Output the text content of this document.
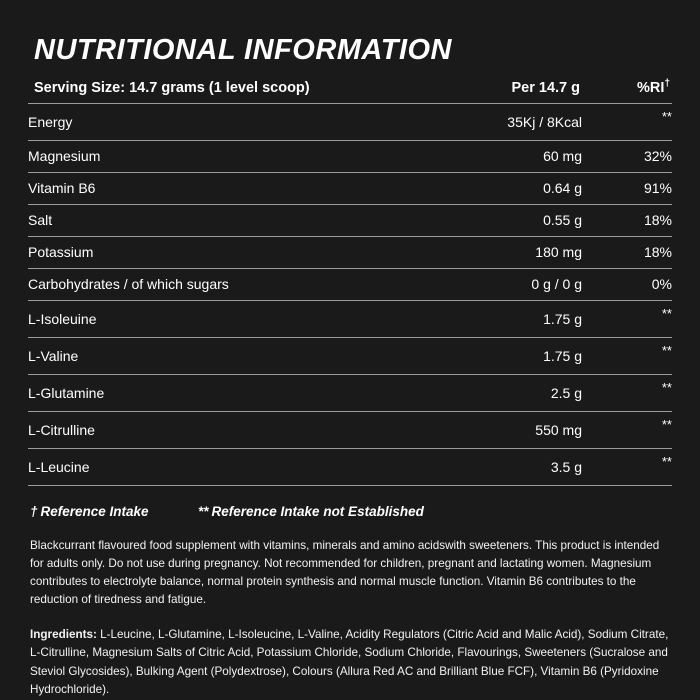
NUTRITIONAL INFORMATION
Serving Size: 14.7 grams (1 level scoop)	Per 14.7 g	%RI†
Energy	35Kj / 8Kcal	**
Magnesium	60 mg	32%
Vitamin B6	0.64 g	91%
Salt	0.55 g	18%
Potassium	180 mg	18%
Carbohydrates / of which sugars	0 g / 0 g	0%
L-Isoleuine	1.75 g	**
L-Valine	1.75 g	**
L-Glutamine	2.5 g	**
L-Citrulline	550 mg	**
L-Leucine	3.5 g	**
† Reference Intake	** Reference Intake not Established
Blackcurrant flavoured food supplement with vitamins, minerals and amino acidswith sweeteners. This product is intended for adults only. Do not use during pregnancy. Not recommended for children, pregnant and lactating women. Magnesium contributes to electrolyte balance, normal protein synthesis and normal muscle function. Vitamin B6 contributes to the reduction of tiredness and fatigue.
Ingredients: L-Leucine, L-Glutamine, L-Isoleucine, L-Valine, Acidity Regulators (Citric Acid and Malic Acid), Sodium Citrate, L-Citrulline, Magnesium Salts of Citric Acid, Potassium Chloride, Sodium Chloride, Flavourings, Sweeteners (Sucralose and Steviol Glycosides), Bulking Agent (Polydextrose), Colours (Allura Red AC and Brilliant Blue FCF), Vitamin B6 (Pyridoxine Hydrochloride).
